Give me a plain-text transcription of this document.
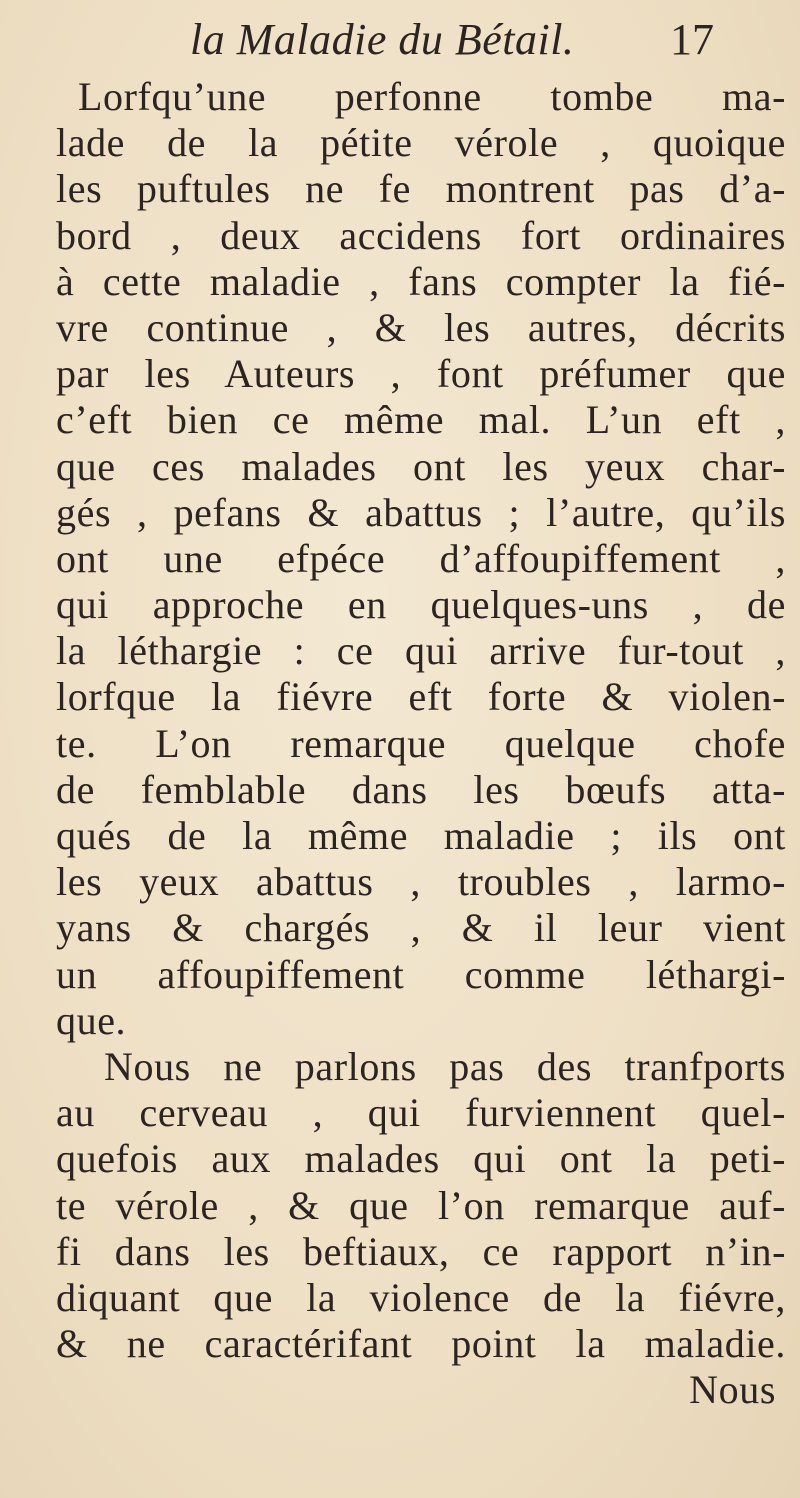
la Maladie du Bétail. 17
Lorfqu’une perfonne tombe ma-
lade de la pétite vérole , quoique
les puftules ne fe montrent pas d’a-
bord , deux accidens fort ordinaires
à cette maladie , fans compter la fié-
vre continue , & les autres, décrits
par les Auteurs , font préfumer que
c’eft bien ce même mal. L’un eft ,
que ces malades ont les yeux char-
gés , pefans & abattus ; l’autre, qu’ils
ont une efpéce d’affoupiffement ,
qui approche en quelques-uns , de
la léthargie : ce qui arrive fur-tout ,
lorfque la fiévre eft forte & violen-
te. L’on remarque quelque chofe
de femblable dans les bœufs atta-
qués de la même maladie ; ils ont
les yeux abattus , troubles , larmo-
yans & chargés , & il leur vient
un affoupiffement comme léthargi-
que.
Nous ne parlons pas des tranfports
au cerveau , qui furviennent quel-
quefois aux malades qui ont la peti-
te vérole , & que l’on remarque auf-
fi dans les beftiaux, ce rapport n’in-
diquant que la violence de la fiévre,
& ne caractérifant point la maladie.
Nous
